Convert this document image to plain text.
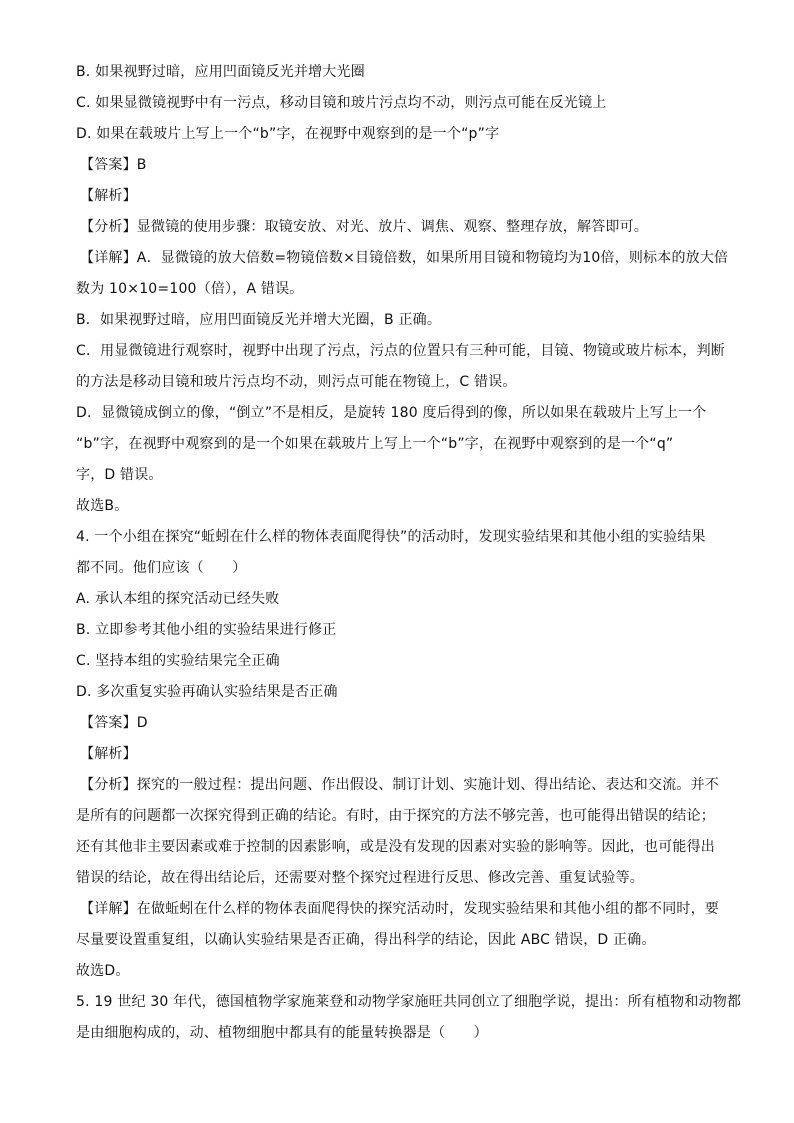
B. 如果视野过暗，应用凹面镜反光并增大光圈
C. 如果显微镜视野中有一污点，移动目镜和玻片污点均不动，则污点可能在反光镜上
D. 如果在载玻片上写上一个“b”字，在视野中观察到的是一个“p”字
【答案】B
【解析】
【分析】显微镜的使用步骤：取镜安放、对光、放片、调焦、观察、整理存放，解答即可。
【详解】A．显微镜的放大倍数=物镜倍数×目镜倍数，如果所用目镜和物镜均为10倍，则标本的放大倍
数为 10×10=100（倍），A 错误。
B．如果视野过暗，应用凹面镜反光并增大光圈，B 正确。
C．用显微镜进行观察时，视野中出现了污点，污点的位置只有三种可能，目镜、物镜或玻片标本，判断
的方法是移动目镜和玻片污点均不动，则污点可能在物镜上，C 错误。
D．显微镜成倒立的像，“倒立”不是相反，是旋转 180 度后得到的像，所以如果在载玻片上写上一个
“b”字，在视野中观察到的是一个如果在载玻片上写上一个“b”字，在视野中观察到的是一个“q”
字，D 错误。
故选B。
4. 一个小组在探究“蚯蚓在什么样的物体表面爬得快”的活动时，发现实验结果和其他小组的实验结果
都不同。他们应该（　　）
A. 承认本组的探究活动已经失败
B. 立即参考其他小组的实验结果进行修正
C. 坚持本组的实验结果完全正确
D. 多次重复实验再确认实验结果是否正确
【答案】D
【解析】
【分析】探究的一般过程：提出问题、作出假设、制订计划、实施计划、得出结论、表达和交流。并不
是所有的问题都一次探究得到正确的结论。有时，由于探究的方法不够完善，也可能得出错误的结论；
还有其他非主要因素或难于控制的因素影响，或是没有发现的因素对实验的影响等。因此，也可能得出
错误的结论，故在得出结论后，还需要对整个探究过程进行反思、修改完善、重复试验等。
【详解】在做蚯蚓在什么样的物体表面爬得快的探究活动时，发现实验结果和其他小组的都不同时，要
尽量要设置重复组，以确认实验结果是否正确，得出科学的结论，因此 ABC 错误，D 正确。
故选D。
5. 19 世纪 30 年代，德国植物学家施莱登和动物学家施旺共同创立了细胞学说，提出：所有植物和动物都
是由细胞构成的，动、植物细胞中都具有的能量转换器是（　　）
